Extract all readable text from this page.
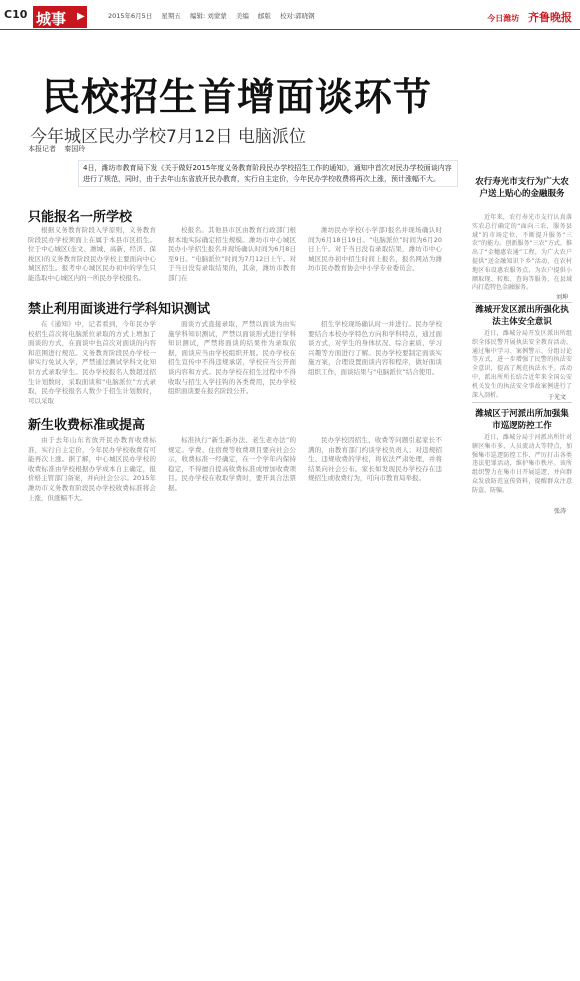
C10 城事 ▶	2015年6月5日 星期五 编辑: 刘蒙蒙 美编 邮版 校对:郭晓钢	今日潍坊 齐鲁晚报
民校招生首增面谈环节
今年城区民办学校7月12日 电脑派位
本报记者 秦国玲
4日，潍坊市教育局下发《关于做好2015年度义务教育阶段民办学校招生工作的通知》，通知中首次对民办学校面谈内容进行了规范，同时，由于去年山东省放开民办教育，实行自主定价，今年民办学校收费将再次上涨，预计涨幅不大。
只能报名一所学校
根据义务教育阶段入学原则，义务教育阶段民办学校须面上在属于本县市区招生。位于中心城区(奎文、潍城、高新、经济、保税区)的义务教育阶段民办学校主要面向中心城区招生。报考中心城区民办初中的学生只能选取中心城区内的一所民办学校报名。
校报名。其他县市区由教育行政部门根据本地实际确定招生规模。潍坊市中心城区民办小学招生报名并现场确认时间为6月8日至9日。“电脑派位”时间为7月12日上午。对于当日没有录取结果的，其余，潍坊市教育部门在
潍坊民办学校(小学部)报名并现场确认时间为6月18日19日。“电脑派位”时间为6月20日上午。对于当日没有录取结果，潍坊市中心城区民办初中招生时间上报名，报名网站为潍坊市民办教育协会中小学专业委员会。
禁止利用面谈进行学科知识测试
在《通知》中，记者看到，今年民办学校招生首次将电脑派位录取的方式上增加了面谈的方式，在面谈中也首次对面谈的内容和范围进行规范。义务教育阶段民办学校一律实行免试入学，严禁通过测试学科文化知识方式录取学生。民办学校报名人数超过招生计划数时，采取面谈和“电脑派位”方式录取，民办学校报名人数少于招生计划数时，可以采取
面谈方式直接录取，严禁以面谈为由实施学科知识测试，严禁以面谈形式进行学科知识测试，严禁将面谈的结果作为录取依据，面谈应当由学校组织开展。民办学校在招生宣传中不得违规承诺，学校应当公开面谈内容和方式。民办学校在招生过程中不得收取与招生入学挂钩的各类费用，民办学校组织面谈要在报名阶段公开。
招生学校现场确认时一并进行。民办学校要结合本校办学特色方向和学科特点，通过面谈方式，对学生的身体状况、综合素质、学习兴趣等方面进行了解。民办学校要制定面谈实施方案，合理设置面谈内容和程序，做好面谈组织工作，面谈结果与“电脑派位”结合使用。
新生收费标准或提高
由于去年山东省放开民办教育收费标准，实行自主定价，今年民办学校收费有可能再次上涨。据了解，中心城区民办学校的收费标准由学校根据办学成本自主确定，报价格主管部门备案，并向社会公示。2015年潍坊市义务教育阶段民办学校收费标准将会上涨，但涨幅不大。
标准执行“新生新办法、老生老办法”的规定。学费、住宿费等收费项目要向社会公示，收费标准一经确定，在一个学年内保持稳定，不得擅自提高收费标准或增加收费项目。民办学校在收取学费时，要开具合法票据。
民办学校因招生、收费等问题引起家长不满的，由教育部门约谈学校负责人；对违规招生、违规收费的学校，将依法严肃处理，并将结果向社会公布。家长如发现民办学校存在违规招生或收费行为，可向市教育局举报。
农行寿光市支行为广大农户送上贴心的金融服务
近年来，农行寿光市支行认真落实农总行确定的“面向三农，服务县域”的市场定位，不断提升服务“三农”的能力。创新服务“三农”方式，推出了“金穗惠农通”工程，为广大农户提供“送金融知识下乡”活动，在农村地区布设惠农服务点，为农户提供小额取现、转账、查询等服务，在县域内打造特色金融服务。
刘坤
潍城开发区派出所强化执法主体安全意识
近日，潍城分局开发区派出所组织全体民警开展执法安全教育活动，通过集中学习、案例警示、分组讨论等方式，进一步增强了民警的执法安全意识，提高了规范执法水平。活动中，派出所所长结合近年来全国公安机关发生的执法安全事故案例进行了深入剖析。	于光文
潍城区于河派出所加强集市巡逻防控工作
近日，潍城分局于河派出所针对辖区集市多、人员流动大等特点，加强集市巡逻防控工作，严厉打击各类违法犯罪活动，维护集市秩序。该所组织警力在集市日开展巡逻，并向群众发放防范宣传资料，提醒群众注意防盗、防骗。
张涛
